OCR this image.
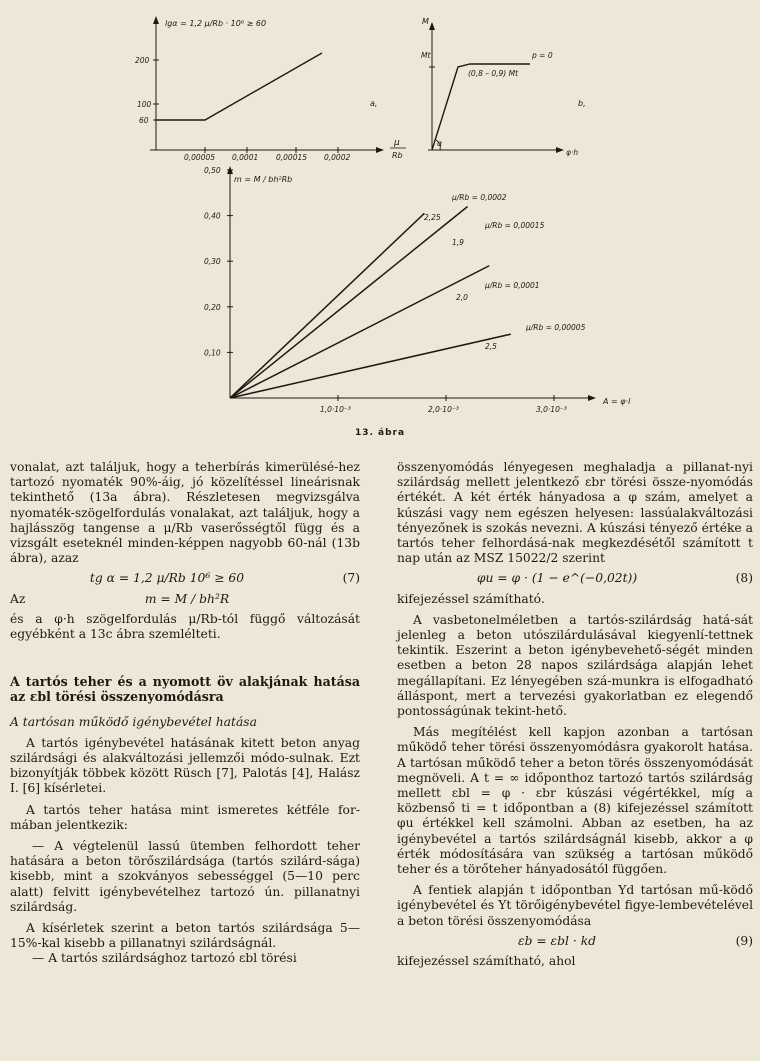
lgα = 1,2 μ/Rb · 10⁶ ≥ 60
200
100
60
0,00005 0,0001 0,00015 0,0002
μ
Rb
a,
M
Mt
(0,8 – 0,9) Mt
p = 0
α
φ·h
b,
0,50
0,40
0,30
0,20
0,10
1,0·10⁻³	2,0·10⁻³	3,0·10⁻³
m = M / bh²Rb
A = φ·l
μ/Rb = 0,0002
μ/Rb = 0,00015
μ/Rb = 0,0001
μ/Rb = 0,00005
2,25
1,9
2,0
2,5
13. ábra

vonalat, azt találjuk, hogy a teherbírás kimerülésé-hez tartozó nyomaték 90%-áig, jó közelítéssel lineárisnak tekinthető (13a ábra). Részletesen megvizsgálva nyomaték-szögelfordulás vonalakat, azt találjuk, hogy a hajlásszög tangense a μ/Rb vaserősségtől függ és a vizsgált eseteknél minden-képpen nagyobb 60-nál (13b ábra), azaz

tg α = 1,2 μ/Rb 10⁶ ≥ 60	(7)
Az	m = M / bh²R

és a φ·h szögelfordulás μ/Rb-tól függő változását egyébként a 13c ábra szemlélteti.

A tartós teher és a nyomott öv alakjának hatása az εbl törési összenyomódásra

A tartósan működő igénybevétel hatása

A tartós igénybevétel hatásának kitett beton anyag szilárdsági és alakváltozási jellemzői módo-sulnak. Ezt bizonyítják többek között Rüsch [7], Palotás [4], Halász I. [6] kísérletei.

A tartós teher hatása mint ismeretes kétféle for-mában jelentkezik:

— A végtelenül lassú ütemben felhordott teher hatására a beton törőszilárdsága (tartós szilárd-sága) kisebb, mint a szokványos sebességgel (5—10 perc alatt) felvitt igénybevételhez tartozó ún. pillanatnyi szilárdság.

A kísérletek szerint a beton tartós szilárdsága 5—15%-kal kisebb a pillanatnyi szilárdságnál.

— A tartós szilárdsághoz tartozó εbl törési

összenyomódás lényegesen meghaladja a pillanat-nyi szilárdság mellett jelentkező εbr törési össze-nyomódás értékét. A két érték hányadosa a φ szám, amelyet a kúszási vagy nem egészen helyesen: lassúalakváltozási tényezőnek is szokás nevezni. A kúszási tényező értéke a tartós teher felhordásá-nak megkezdésétől számított t nap után az MSZ 15022/2 szerint

φu = φ · (1 − e^(−0,02t))	(8)

kifejezéssel számítható.

A vasbetonelméletben a tartós-szilárdság hatá-sát jelenleg a beton utószilárdulásával kiegyenlí-tettnek tekintik. Eszerint a beton igénybevehető-ségét minden esetben a beton 28 napos szilárdsága alapján lehet megállapítani. Ez lényegében szá-munkra is elfogadható álláspont, mert a tervezési gyakorlatban ez elegendő pontosságúnak tekint-hető.

Más megítélést kell kapjon azonban a tartósan működő teher törési összenyomódásra gyakorolt hatása. A tartósan működő teher a beton törés összenyomódását megnöveli. A t = ∞ időponthoz tartozó tartós szilárdság mellett εbl = φ · εbr kúszási végértékkel, míg a közbenső ti = t időpontban a (8) kifejezéssel számított φu értékkel kell számolni. Abban az esetben, ha az igénybevétel a tartós szilárdságnál kisebb, akkor a φ érték módosítására van szükség a tartósan működő teher és a törőteher hányadosától függően.

A fentiek alapján t időpontban Yd tartósan mű-ködő igénybevétel és Yt törőigénybevétel figye-lembevételével a beton törési összenyomódása

εb = εbl · kd	(9)

kifejezéssel számítható, ahol
